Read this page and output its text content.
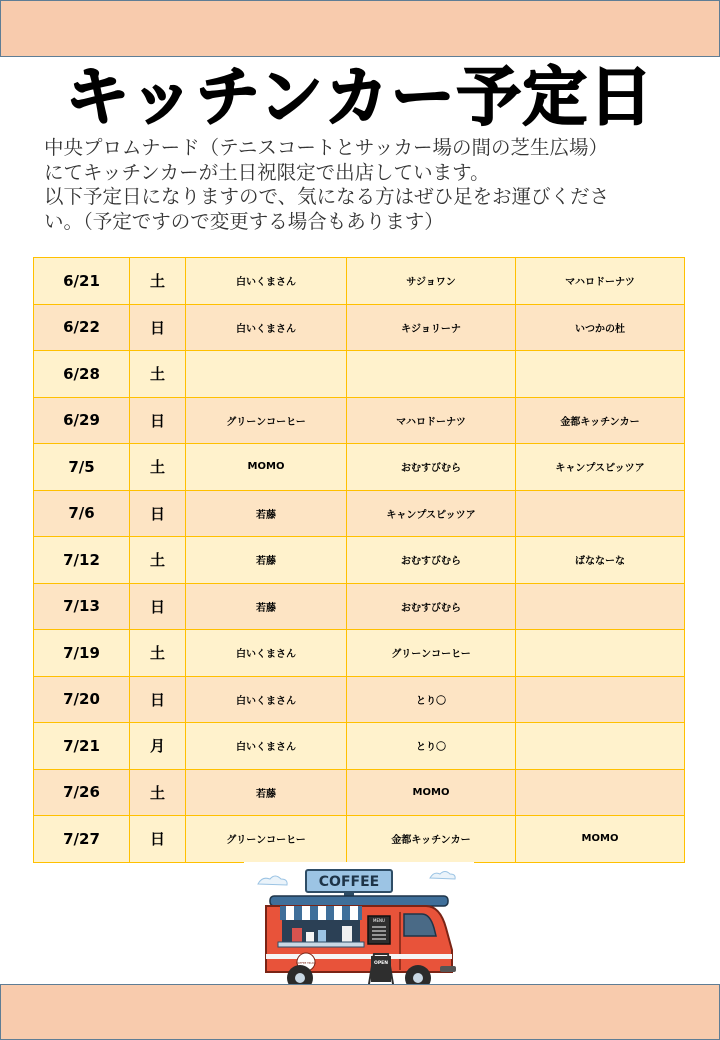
キッチンカー予定日

中央プロムナード（テニスコートとサッカー場の間の芝生広場）
にてキッチンカーが土日祝限定で出店しています。
以下予定日になりますので、気になる方はぜひ足をお運びくださ
い。（予定ですので変更する場合もあります）

6/21	土	白いくまさん	サジョワン	マハロドーナツ
6/22	日	白いくまさん	キジョリーナ	いつかの杜
6/28	土			
6/29	日	グリーンコーヒー	マハロドーナツ	金都キッチンカー
7/5	土	MOMO	おむすびむら	キャンプスピッツア
7/6	日	若藤	キャンプスピッツア	
7/12	土	若藤	おむすびむら	ばななーな
7/13	日	若藤	おむすびむら	
7/19	土	白いくまさん	グリーンコーヒー	
7/20	日	白いくまさん	とり〇	
7/21	月	白いくまさん	とり〇	
7/26	土	若藤	MOMO	
7/27	日	グリーンコーヒー	金都キッチンカー	MOMO
COFFEE
MENU
COFFEE TRUCK	OPEN
